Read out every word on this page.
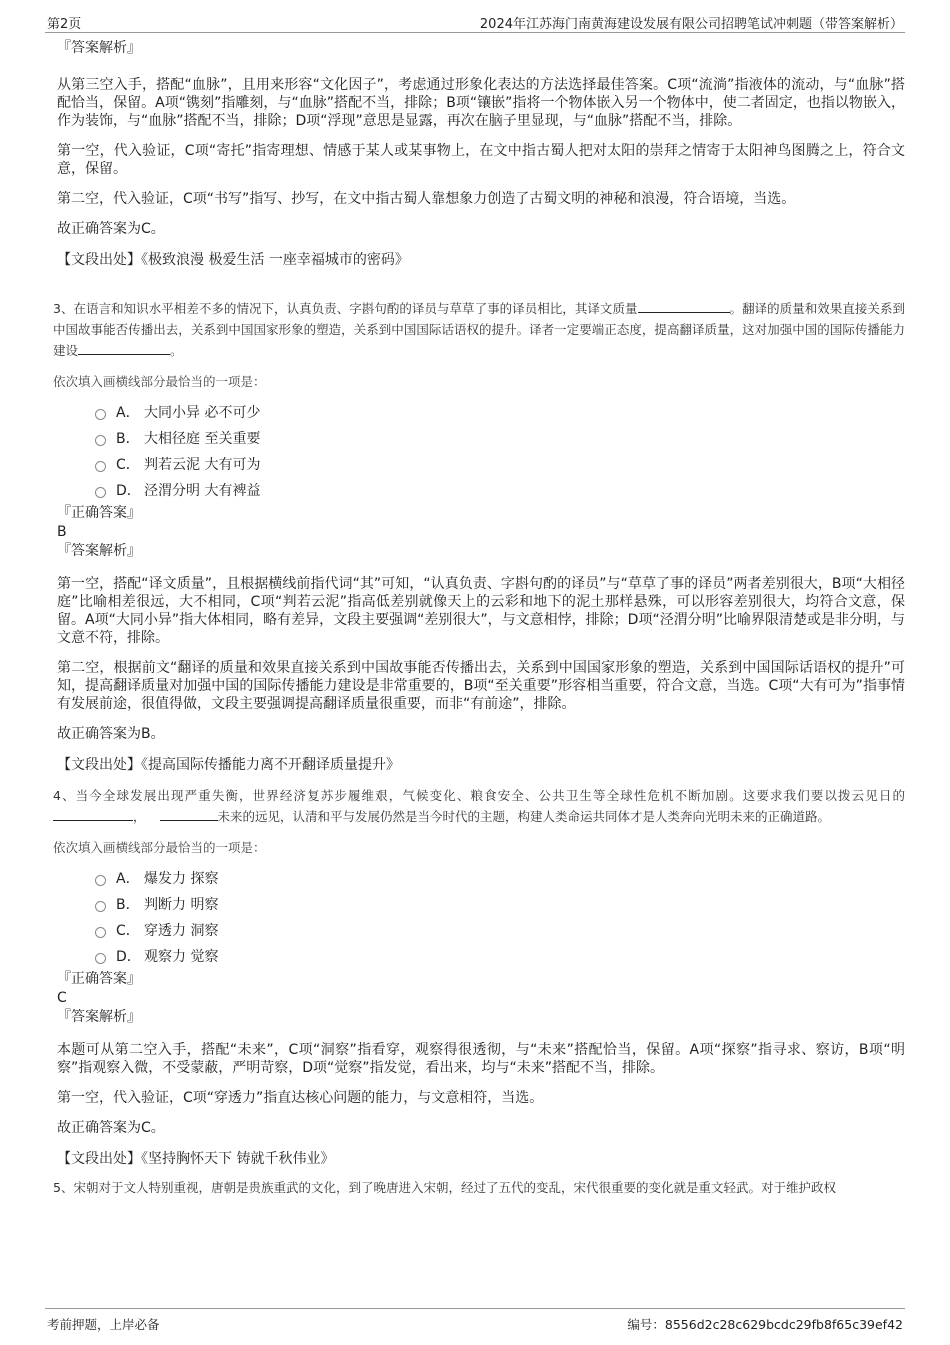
第2页	2024年江苏海门南黄海建设发展有限公司招聘笔试冲刺题（带答案解析）
『答案解析』
从第三空入手，搭配“血脉”，且用来形容“文化因子”，考虑通过形象化表达的方法选择最佳答案。C项“流淌”指液体的流动，与“血脉”搭配恰当，保留。A项“镌刻”指雕刻，与“血脉”搭配不当，排除；B项“镶嵌”指将一个物体嵌入另一个物体中，使二者固定，也指以物嵌入，作为装饰，与“血脉”搭配不当，排除；D项“浮现”意思是显露，再次在脑子里显现，与“血脉”搭配不当，排除。
第一空，代入验证，C项“寄托”指寄理想、情感于某人或某事物上，在文中指古蜀人把对太阳的崇拜之情寄于太阳神鸟图腾之上，符合文意，保留。
第二空，代入验证，C项“书写”指写、抄写，在文中指古蜀人靠想象力创造了古蜀文明的神秘和浪漫，符合语境，当选。
故正确答案为C。
【文段出处】《极致浪漫 极爱生活 一座幸福城市的密码》
3、在语言和知识水平相差不多的情况下，认真负责、字斟句酌的译员与草草了事的译员相比，其译文质量	。翻译的质量和效果直接关系到中国故事能否传播出去，关系到中国国家形象的塑造，关系到中国国际话语权的提升。译者一定要端正态度，提高翻译质量，这对加强中国的国际传播能力建设	。
依次填入画横线部分最恰当的一项是：
A． 大同小异 必不可少
B． 大相径庭 至关重要
C． 判若云泥 大有可为
D． 泾渭分明 大有裨益
『正确答案』
B
『答案解析』
第一空，搭配“译文质量”，且根据横线前指代词“其”可知，“认真负责、字斟句酌的译员”与“草草了事的译员”两者差别很大，B项“大相径庭”比喻相差很远，大不相同，C项“判若云泥”指高低差别就像天上的云彩和地下的泥土那样悬殊，可以形容差别很大，均符合文意，保留。A项“大同小异”指大体相同，略有差异，文段主要强调“差别很大”，与文意相悖，排除；D项“泾渭分明”比喻界限清楚或是非分明，与文意不符，排除。
第二空，根据前文“翻译的质量和效果直接关系到中国故事能否传播出去，关系到中国国家形象的塑造，关系到中国国际话语权的提升”可知，提高翻译质量对加强中国的国际传播能力建设是非常重要的，B项“至关重要”形容相当重要，符合文意，当选。C项“大有可为”指事情有发展前途，很值得做，文段主要强调提高翻译质量很重要，而非“有前途”，排除。
故正确答案为B。
【文段出处】《提高国际传播能力离不开翻译质量提升》
4、当今全球发展出现严重失衡，世界经济复苏步履维艰，气候变化、粮食安全、公共卫生等全球性危机不断加剧。这要求我们要以拨云见日的，	未来的远见，认清和平与发展仍然是当今时代的主题，构建人类命运共同体才是人类奔向光明未来的正确道路。
依次填入画横线部分最恰当的一项是：
A． 爆发力 探察
B． 判断力 明察
C． 穿透力 洞察
D． 观察力 觉察
『正确答案』
C
『答案解析』
本题可从第二空入手，搭配“未来”，C项“洞察”指看穿，观察得很透彻，与“未来”搭配恰当，保留。A项“探察”指寻求、察访，B项“明察”指观察入微，不受蒙蔽，严明苛察，D项“觉察”指发觉，看出来，均与“未来”搭配不当，排除。
第一空，代入验证，C项“穿透力”指直达核心问题的能力，与文意相符，当选。
故正确答案为C。
【文段出处】《坚持胸怀天下 铸就千秋伟业》
5、宋朝对于文人特别重视，唐朝是贵族重武的文化，到了晚唐进入宋朝，经过了五代的变乱，宋代很重要的变化就是重文轻武。对于维护政权
考前押题，上岸必备	编号：8556d2c28c629bcdc29fb8f65c39ef42
